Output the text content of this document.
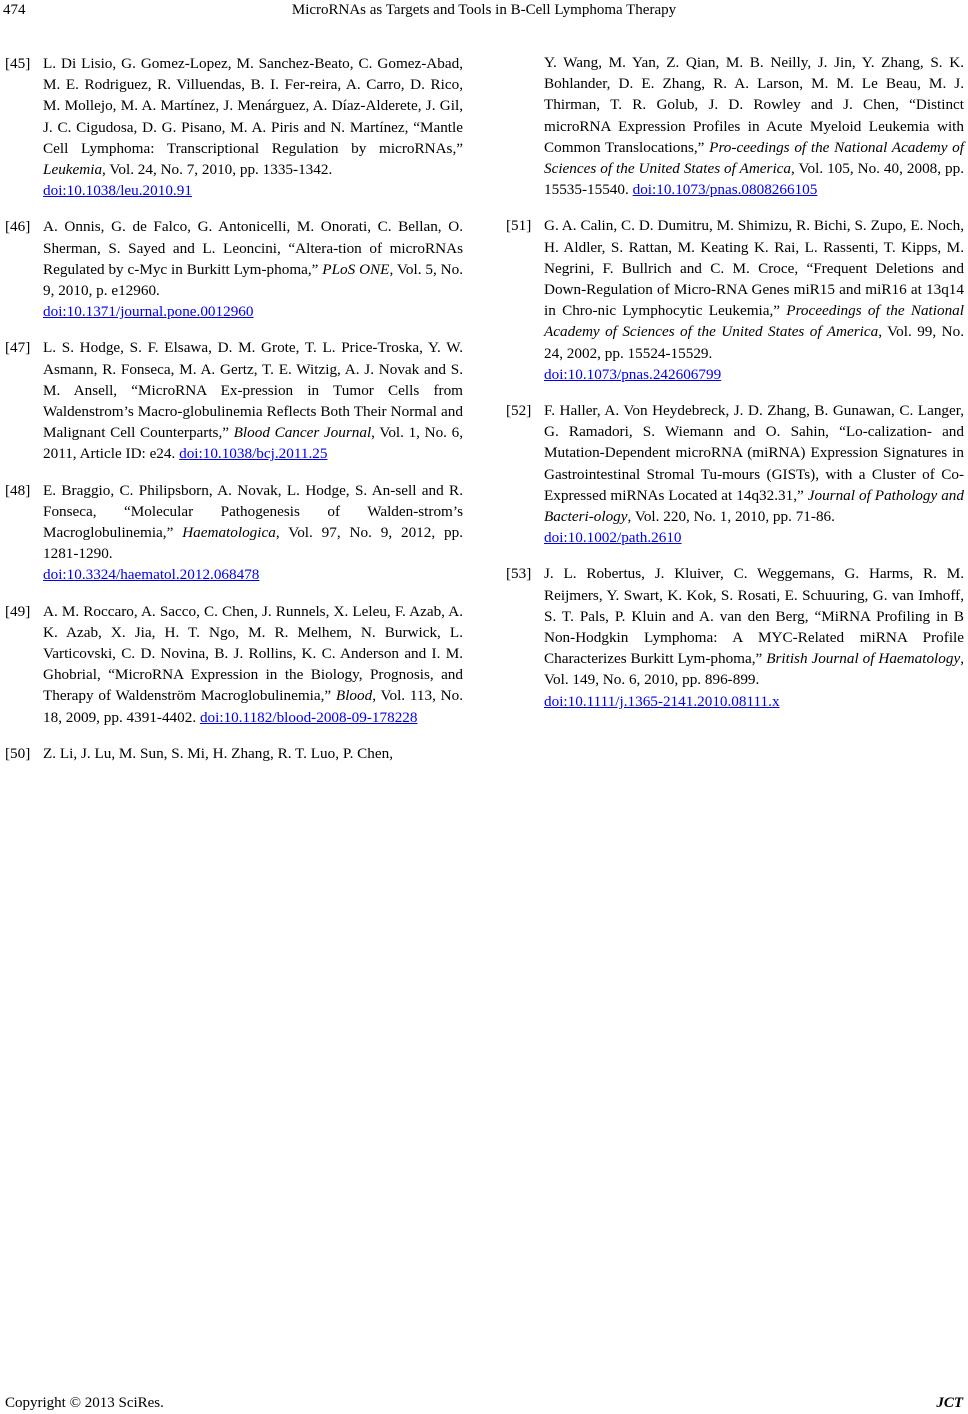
474	MicroRNAs as Targets and Tools in B-Cell Lymphoma Therapy
[45] L. Di Lisio, G. Gomez-Lopez, M. Sanchez-Beato, C. Gomez-Abad, M. E. Rodriguez, R. Villuendas, B. I. Fer-reira, A. Carro, D. Rico, M. Mollejo, M. A. Martínez, J. Menárguez, A. Díaz-Alderete, J. Gil, J. C. Cigudosa, D. G. Pisano, M. A. Piris and N. Martínez, “Mantle Cell Lymphoma: Transcriptional Regulation by microRNAs,” Leukemia, Vol. 24, No. 7, 2010, pp. 1335-1342.
doi:10.1038/leu.2010.91
[46] A. Onnis, G. de Falco, G. Antonicelli, M. Onorati, C. Bellan, O. Sherman, S. Sayed and L. Leoncini, “Altera-tion of microRNAs Regulated by c-Myc in Burkitt Lym-phoma,” PLoS ONE, Vol. 5, No. 9, 2010, p. e12960.
doi:10.1371/journal.pone.0012960
[47] L. S. Hodge, S. F. Elsawa, D. M. Grote, T. L. Price-Troska, Y. W. Asmann, R. Fonseca, M. A. Gertz, T. E. Witzig, A. J. Novak and S. M. Ansell, “MicroRNA Ex-pression in Tumor Cells from Waldenstrom’s Macro-globulinemia Reflects Both Their Normal and Malignant Cell Counterparts,” Blood Cancer Journal, Vol. 1, No. 6, 2011, Article ID: e24. doi:10.1038/bcj.2011.25
[48] E. Braggio, C. Philipsborn, A. Novak, L. Hodge, S. An-sell and R. Fonseca, “Molecular Pathogenesis of Walden-strom’s Macroglobulinemia,” Haematologica, Vol. 97, No. 9, 2012, pp. 1281-1290.
doi:10.3324/haematol.2012.068478
[49] A. M. Roccaro, A. Sacco, C. Chen, J. Runnels, X. Leleu, F. Azab, A. K. Azab, X. Jia, H. T. Ngo, M. R. Melhem, N. Burwick, L. Varticovski, C. D. Novina, B. J. Rollins, K. C. Anderson and I. M. Ghobrial, “MicroRNA Expression in the Biology, Prognosis, and Therapy of Waldenström Macroglobulinemia,” Blood, Vol. 113, No. 18, 2009, pp. 4391-4402. doi:10.1182/blood-2008-09-178228
[50] Z. Li, J. Lu, M. Sun, S. Mi, H. Zhang, R. T. Luo, P. Chen,
Y. Wang, M. Yan, Z. Qian, M. B. Neilly, J. Jin, Y. Zhang, S. K. Bohlander, D. E. Zhang, R. A. Larson, M. M. Le Beau, M. J. Thirman, T. R. Golub, J. D. Rowley and J. Chen, “Distinct microRNA Expression Profiles in Acute Myeloid Leukemia with Common Translocations,” Pro-ceedings of the National Academy of Sciences of the United States of America, Vol. 105, No. 40, 2008, pp. 15535-15540. doi:10.1073/pnas.0808266105
[51] G. A. Calin, C. D. Dumitru, M. Shimizu, R. Bichi, S. Zupo, E. Noch, H. Aldler, S. Rattan, M. Keating K. Rai, L. Rassenti, T. Kipps, M. Negrini, F. Bullrich and C. M. Croce, “Frequent Deletions and Down-Regulation of Micro-RNA Genes miR15 and miR16 at 13q14 in Chro-nic Lymphocytic Leukemia,” Proceedings of the National Academy of Sciences of the United States of America, Vol. 99, No. 24, 2002, pp. 15524-15529.
doi:10.1073/pnas.242606799
[52] F. Haller, A. Von Heydebreck, J. D. Zhang, B. Gunawan, C. Langer, G. Ramadori, S. Wiemann and O. Sahin, “Lo-calization- and Mutation-Dependent microRNA (miRNA) Expression Signatures in Gastrointestinal Stromal Tu-mours (GISTs), with a Cluster of Co-Expressed miRNAs Located at 14q32.31,” Journal of Pathology and Bacteri-ology, Vol. 220, No. 1, 2010, pp. 71-86.
doi:10.1002/path.2610
[53] J. L. Robertus, J. Kluiver, C. Weggemans, G. Harms, R. M. Reijmers, Y. Swart, K. Kok, S. Rosati, E. Schuuring, G. van Imhoff, S. T. Pals, P. Kluin and A. van den Berg, “MiRNA Profiling in B Non-Hodgkin Lymphoma: A MYC-Related miRNA Profile Characterizes Burkitt Lym-phoma,” British Journal of Haematology, Vol. 149, No. 6, 2010, pp. 896-899.
doi:10.1111/j.1365-2141.2010.08111.x
Copyright © 2013 SciRes.	JCT
